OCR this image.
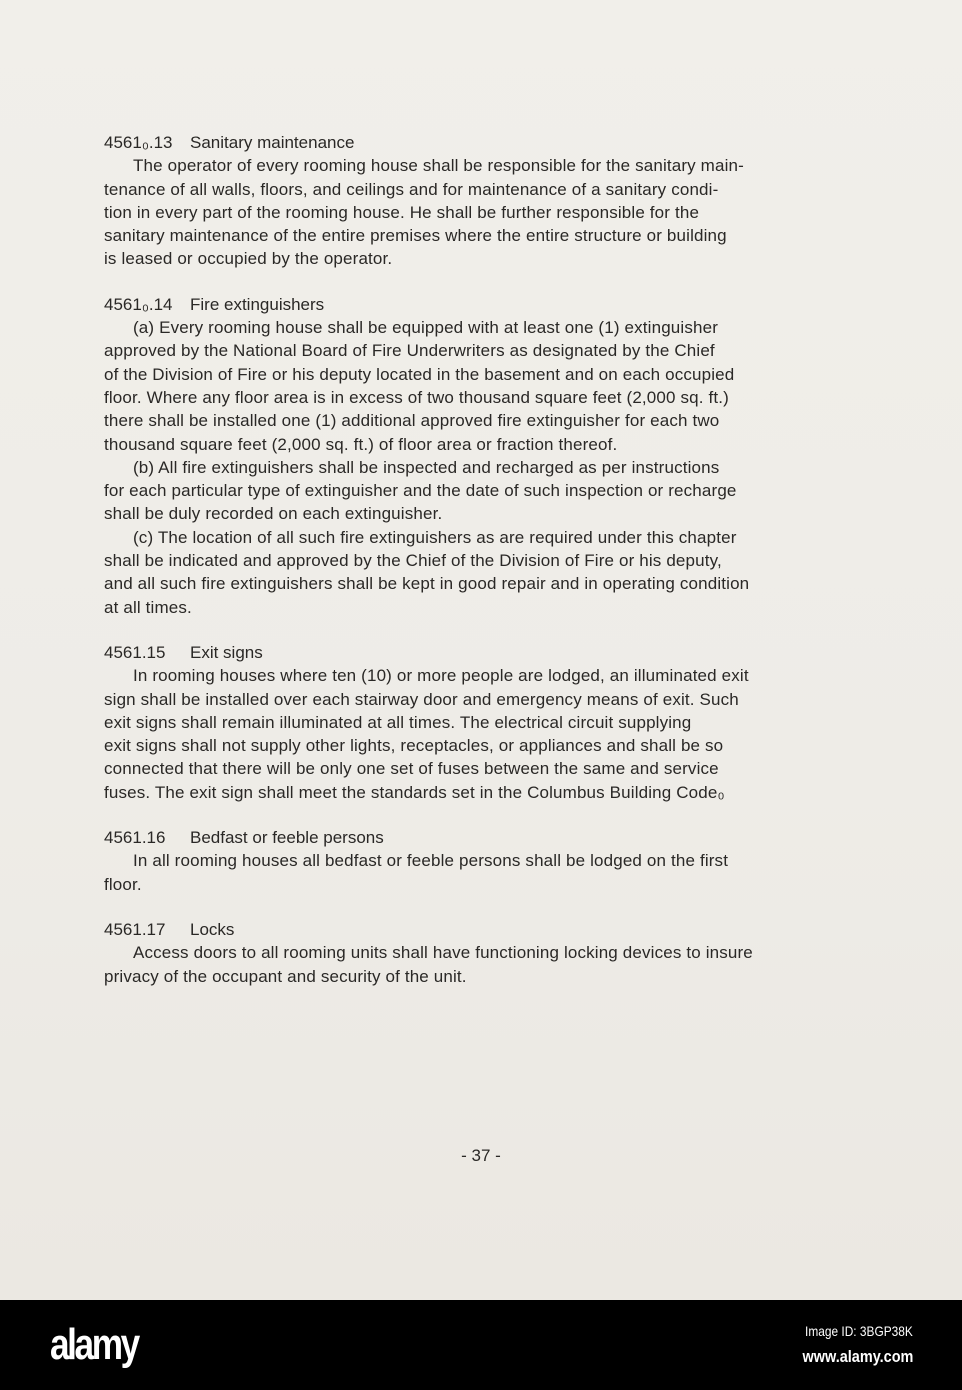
4561₀.13 Sanitary maintenance
The operator of every rooming house shall be responsible for the sanitary main-
tenance of all walls, floors, and ceilings and for maintenance of a sanitary condi-
tion in every part of the rooming house. He shall be further responsible for the
sanitary maintenance of the entire premises where the entire structure or building
is leased or occupied by the operator.
4561₀.14 Fire extinguishers
(a) Every rooming house shall be equipped with at least one (1) extinguisher
approved by the National Board of Fire Underwriters as designated by the Chief
of the Division of Fire or his deputy located in the basement and on each occupied
floor. Where any floor area is in excess of two thousand square feet (2,000 sq. ft.)
there shall be installed one (1) additional approved fire extinguisher for each two
thousand square feet (2,000 sq. ft.) of floor area or fraction thereof.
(b) All fire extinguishers shall be inspected and recharged as per instructions
for each particular type of extinguisher and the date of such inspection or recharge
shall be duly recorded on each extinguisher.
(c) The location of all such fire extinguishers as are required under this chapter
shall be indicated and approved by the Chief of the Division of Fire or his deputy,
and all such fire extinguishers shall be kept in good repair and in operating condition
at all times.
4561.15 Exit signs
In rooming houses where ten (10) or more people are lodged, an illuminated exit
sign shall be installed over each stairway door and emergency means of exit. Such
exit signs shall remain illuminated at all times. The electrical circuit supplying
exit signs shall not supply other lights, receptacles, or appliances and shall be so
connected that there will be only one set of fuses between the same and service
fuses. The exit sign shall meet the standards set in the Columbus Building Code₀
4561.16 Bedfast or feeble persons
In all rooming houses all bedfast or feeble persons shall be lodged on the first
floor.
4561.17 Locks
Access doors to all rooming units shall have functioning locking devices to insure
privacy of the occupant and security of the unit.
- 37 -
alamy	Image ID: 3BGP38K
www.alamy.com
